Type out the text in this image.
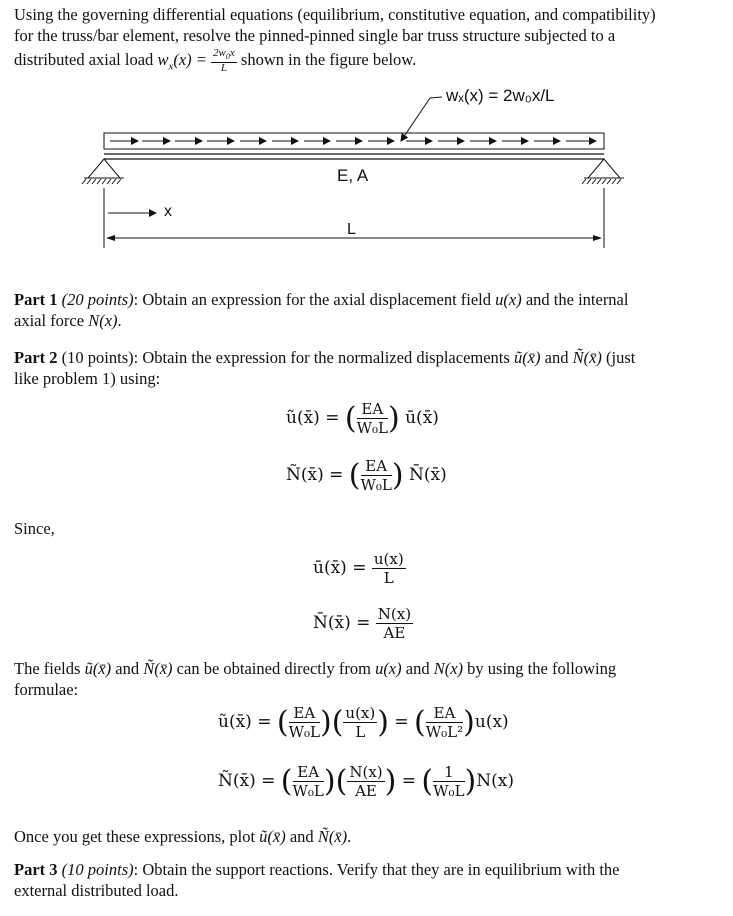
Using the governing differential equations (equilibrium, constitutive equation, and compatibility)
for the truss/bar element, resolve the pinned-pinned single bar truss structure subjected to a
distributed axial load $w_x(x) = \frac{2w_0x}{L}$ shown in the figure below.
wₓ(x) = 2w₀x/L
E, A
x
L
Part 1 (20 points): Obtain an expression for the axial displacement field u(x) and the internal
axial force N(x).
Part 2 (10 points): Obtain the expression for the normalized displacements ũ(x̄) and Ñ(x̄) (just
like problem 1) using:
ũ(x̄) = ( $\frac{EA}{\text{W₀L}}$ ) ū(x̄)
Ñ(x̄) = ( $\frac{EA}{\text{W₀L}}$ ) N̄(x̄)
Since,
ū(x̄) = $\frac{u(x)}{L}$
N̄(x̄) = $\frac{N(x)}{AE}$
The fields ũ(x̄) and Ñ(x̄) can be obtained directly from u(x) and N(x) by using the following
formulae:
ũ(x̄) = ( $\frac{EA}{\text{W₀L}}$ )( $\frac{u(x)}{L}$ ) = ( $\frac{EA}{\text{W₀L²}} )u(x)$
Ñ(x̄) = ( $\frac{EA}{\text{W₀L}}$ )( $\frac{N(x)}{AE}$ ) = ( $\frac{1}{\text{W₀L}} )N(x)$
Once you get these expressions, plot ũ(x̄) and Ñ(x̄).
Part 3 (10 points): Obtain the support reactions. Verify that they are in equilibrium with the
external distributed load.
